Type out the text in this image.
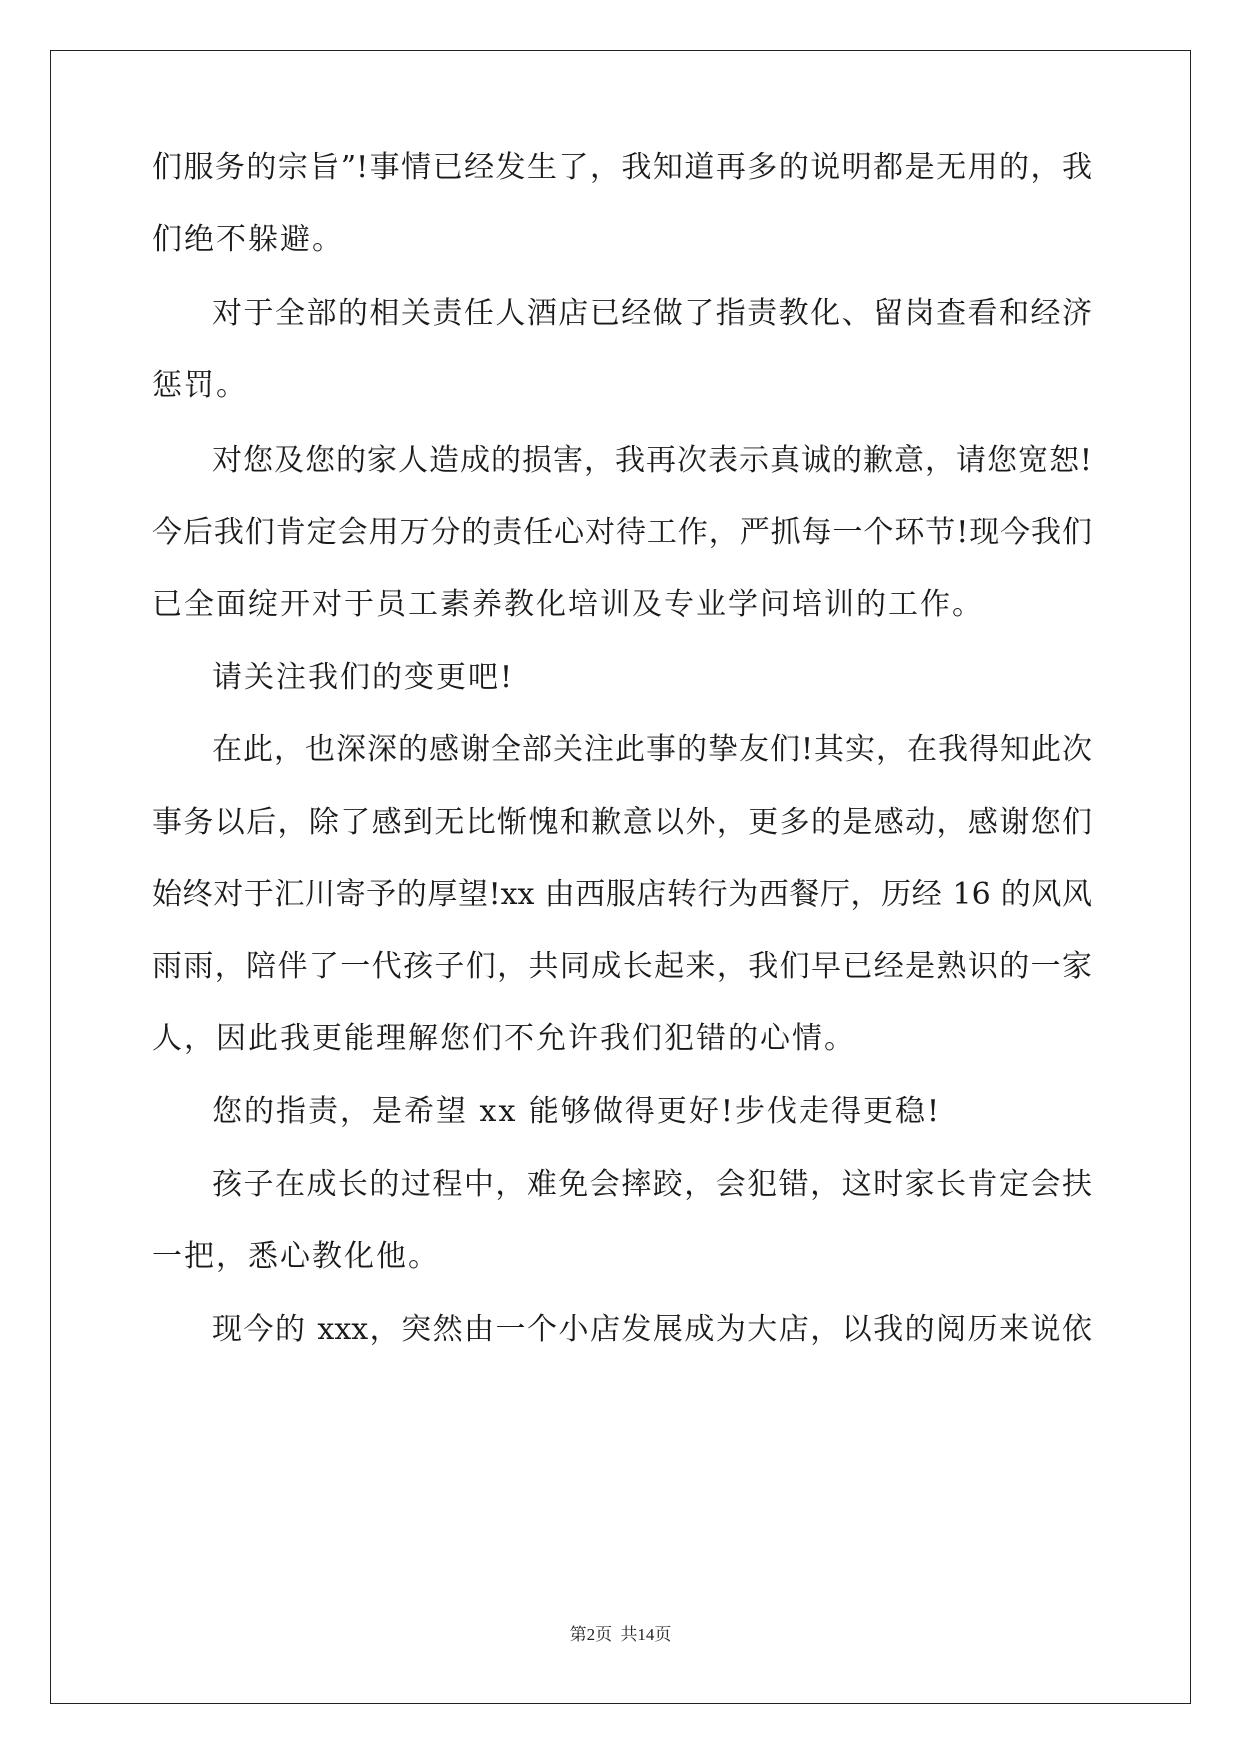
们服务的宗旨”!事情已经发生了，我知道再多的说明都是无用的，我
们绝不躲避。
对于全部的相关责任人酒店已经做了指责教化、留岗查看和经济
惩罚。
对您及您的家人造成的损害，我再次表示真诚的歉意，请您宽恕!
今后我们肯定会用万分的责任心对待工作，严抓每一个环节!现今我们
已全面绽开对于员工素养教化培训及专业学问培训的工作。
请关注我们的变更吧!
在此，也深深的感谢全部关注此事的挚友们!其实，在我得知此次
事务以后，除了感到无比惭愧和歉意以外，更多的是感动，感谢您们
始终对于汇川寄予的厚望!xx 由西服店转行为西餐厅，历经 16 的风风
雨雨，陪伴了一代孩子们，共同成长起来，我们早已经是熟识的一家
人，因此我更能理解您们不允许我们犯错的心情。
您的指责，是希望 xx 能够做得更好!步伐走得更稳!
孩子在成长的过程中，难免会摔跤，会犯错，这时家长肯定会扶
一把，悉心教化他。
现今的 xxx，突然由一个小店发展成为大店，以我的阅历来说依
第2页 共14页
